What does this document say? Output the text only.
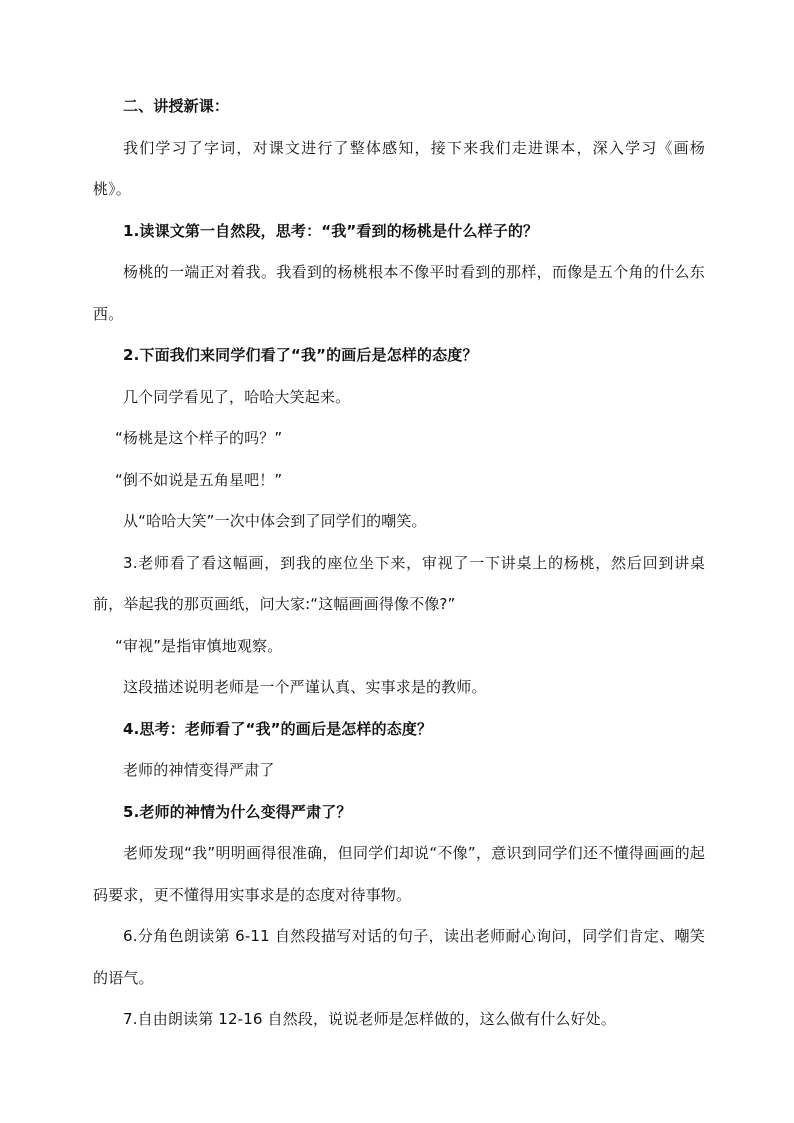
二、讲授新课：

我们学习了字词，对课文进行了整体感知，接下来我们走进课本，深入学习《画杨桃》。

1.读课文第一自然段，思考：“我”看到的杨桃是什么样子的？

杨桃的一端正对着我。我看到的杨桃根本不像平时看到的那样，而像是五个角的什么东西。

2.下面我们来同学们看了“我”的画后是怎样的态度？

几个同学看见了，哈哈大笑起来。

“杨桃是这个样子的吗？”

“倒不如说是五角星吧！”

从“哈哈大笑”一次中体会到了同学们的嘲笑。

3.老师看了看这幅画，到我的座位坐下来，审视了一下讲桌上的杨桃，然后回到讲桌前，举起我的那页画纸，问大家:“这幅画画得像不像?”

“审视”是指审慎地观察。

这段描述说明老师是一个严谨认真、实事求是的教师。

4.思考：老师看了“我”的画后是怎样的态度？

老师的神情变得严肃了

5.老师的神情为什么变得严肃了？

老师发现“我”明明画得很准确，但同学们却说“不像”，意识到同学们还不懂得画画的起码要求，更不懂得用实事求是的态度对待事物。

6.分角色朗读第 6-11 自然段描写对话的句子，读出老师耐心询问，同学们肯定、嘲笑的语气。

7.自由朗读第 12-16 自然段，说说老师是怎样做的，这么做有什么好处。
